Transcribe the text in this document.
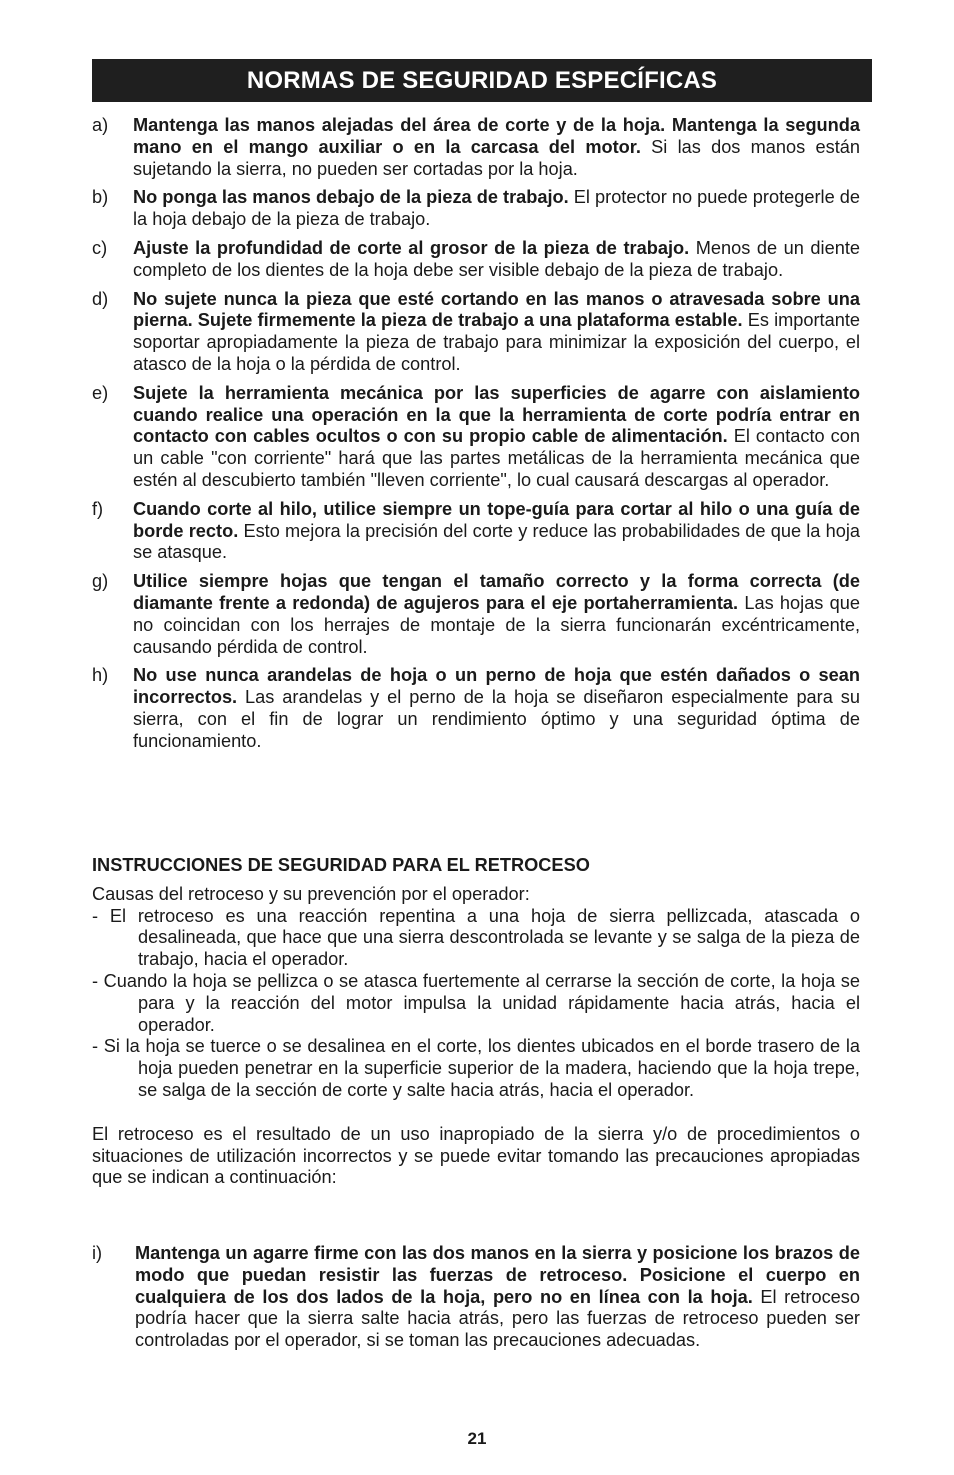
NORMAS DE SEGURIDAD ESPECÍFICAS
a)	Mantenga las manos alejadas del área de corte y de la hoja. Mantenga la segunda mano en el mango auxiliar o en la carcasa del motor. Si las dos manos están sujetando la sierra, no pueden ser cortadas por la hoja.
b)	No ponga las manos debajo de la pieza de trabajo. El protector no puede protegerle de la hoja debajo de la pieza de trabajo.
c)	Ajuste la profundidad de corte al grosor de la pieza de trabajo. Menos de un diente completo de los dientes de la hoja debe ser visible debajo de la pieza de trabajo.
d)	No sujete nunca la pieza que esté cortando en las manos o atravesada sobre una pierna. Sujete firmemente la pieza de trabajo a una plataforma estable. Es importante soportar apropiadamente la pieza de trabajo para minimizar la exposición del cuerpo, el atasco de la hoja o la pérdida de control.
e)	Sujete la herramienta mecánica por las superficies de agarre con aislamiento cuando realice una operación en la que la herramienta de corte podría entrar en contacto con cables ocultos o con su propio cable de alimentación. El contacto con un cable "con corriente" hará que las partes metálicas de la herramienta mecánica que estén al descubierto también "lleven corriente", lo cual causará descargas al operador.
f)	Cuando corte al hilo, utilice siempre un tope-guía para cortar al hilo o una guía de borde recto. Esto mejora la precisión del corte y reduce las probabilidades de que la hoja se atasque.
g)	Utilice siempre hojas que tengan el tamaño correcto y la forma correcta (de diamante frente a redonda) de agujeros para el eje portaherramienta. Las hojas que no coincidan con los herrajes de montaje de la sierra funcionarán excéntricamente, causando pérdida de control.
h)	No use nunca arandelas de hoja o un perno de hoja que estén dañados o sean incorrectos. Las arandelas y el perno de la hoja se diseñaron especialmente para su sierra, con el fin de lograr un rendimiento óptimo y una seguridad óptima de funcionamiento.
INSTRUCCIONES DE SEGURIDAD PARA EL RETROCESO
Causas del retroceso y su prevención por el operador:
- El retroceso es una reacción repentina a una hoja de sierra pellizcada, atascada o desalineada, que hace que una sierra descontrolada se levante y se salga de la pieza de trabajo, hacia el operador.
- Cuando la hoja se pellizca o se atasca fuertemente al cerrarse la sección de corte, la hoja se para y la reacción del motor impulsa la unidad rápidamente hacia atrás, hacia el operador.
- Si la hoja se tuerce o se desalinea en el corte, los dientes ubicados en el borde trasero de la hoja pueden penetrar en la superficie superior de la madera, haciendo que la hoja trepe, se salga de la sección de corte y salte hacia atrás, hacia el operador.
El retroceso es el resultado de un uso inapropiado de la sierra y/o de procedimientos o situaciones de utilización incorrectos y se puede evitar tomando las precauciones apropiadas que se indican a continuación:
i)	Mantenga un agarre firme con las dos manos en la sierra y posicione los brazos de modo que puedan resistir las fuerzas de retroceso. Posicione el cuerpo en cualquiera de los dos lados de la hoja, pero no en línea con la hoja. El retroceso podría hacer que la sierra salte hacia atrás, pero las fuerzas de retroceso pueden ser controladas por el operador, si se toman las precauciones adecuadas.
21
